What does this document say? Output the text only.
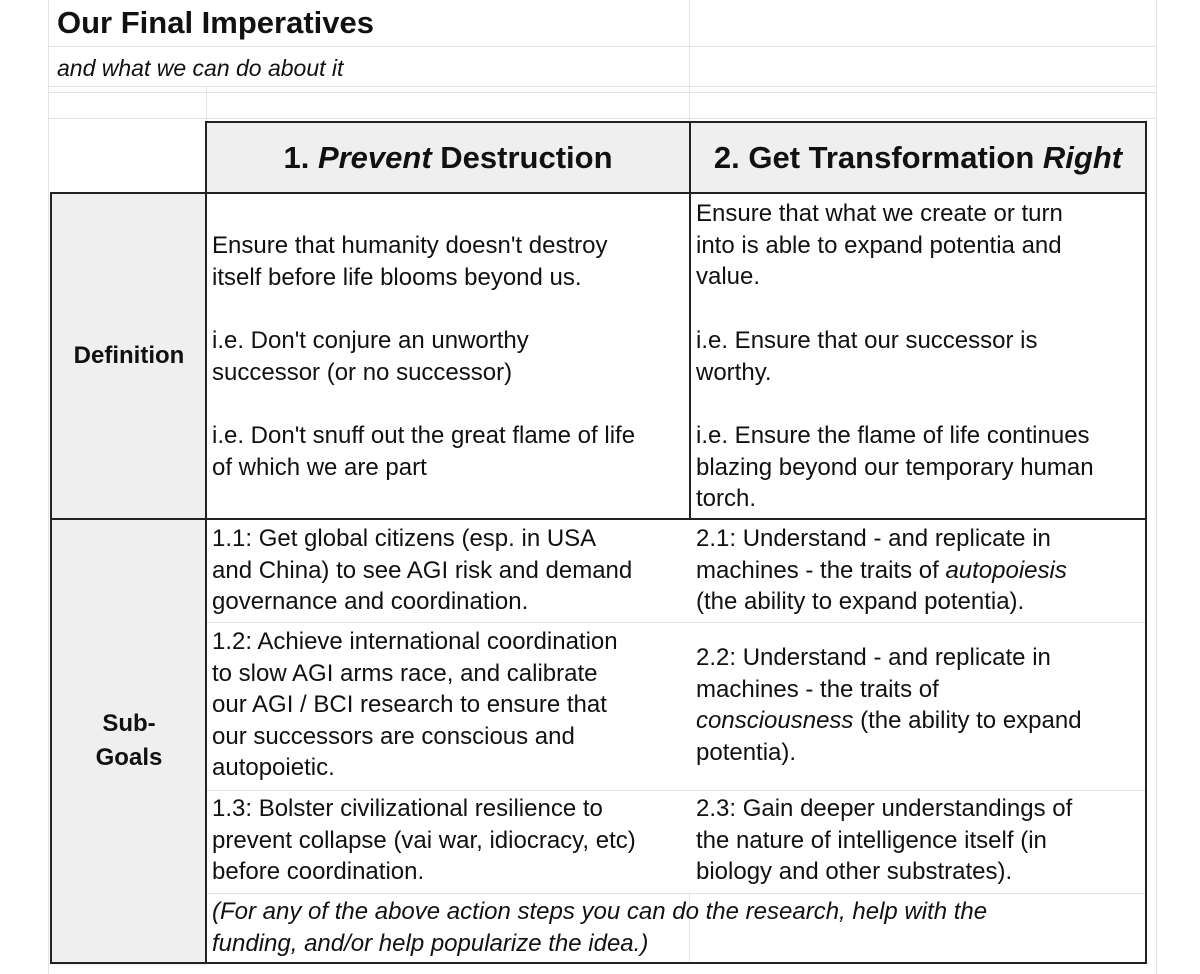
Our Final Imperatives
and what we can do about it
1.
Prevent
Destruction	2. Get Transformation
Right
Definition
Sub-
Goals
Ensure that humanity doesn't destroy
itself before life blooms beyond us.
i.e. Don't conjure an unworthy
successor (or no successor)
i.e. Don't snuff out the great flame of life
of which we are part
Ensure that what we create or turn
into is able to expand potentia and
value.
i.e. Ensure that our successor is
worthy.
i.e. Ensure the flame of life continues
blazing beyond our temporary human
torch.
1.1: Get global citizens (esp. in USA
and China) to see AGI risk and demand
governance and coordination.
2.1: Understand - and replicate in
machines - the traits of autopoiesis
(the ability to expand potentia).
1.2: Achieve international coordination
to slow AGI arms race, and calibrate
our AGI / BCI research to ensure that
our successors are conscious and
autopoietic.
2.2: Understand - and replicate in
machines - the traits of
consciousness (the ability to expand
potentia).
1.3: Bolster civilizational resilience to
prevent collapse (vai war, idiocracy, etc)
before coordination.
2.3: Gain deeper understandings of
the nature of intelligence itself (in
biology and other substrates).
(For any of the above action steps you can do the research, help with the
funding, and/or help popularize the idea.)
